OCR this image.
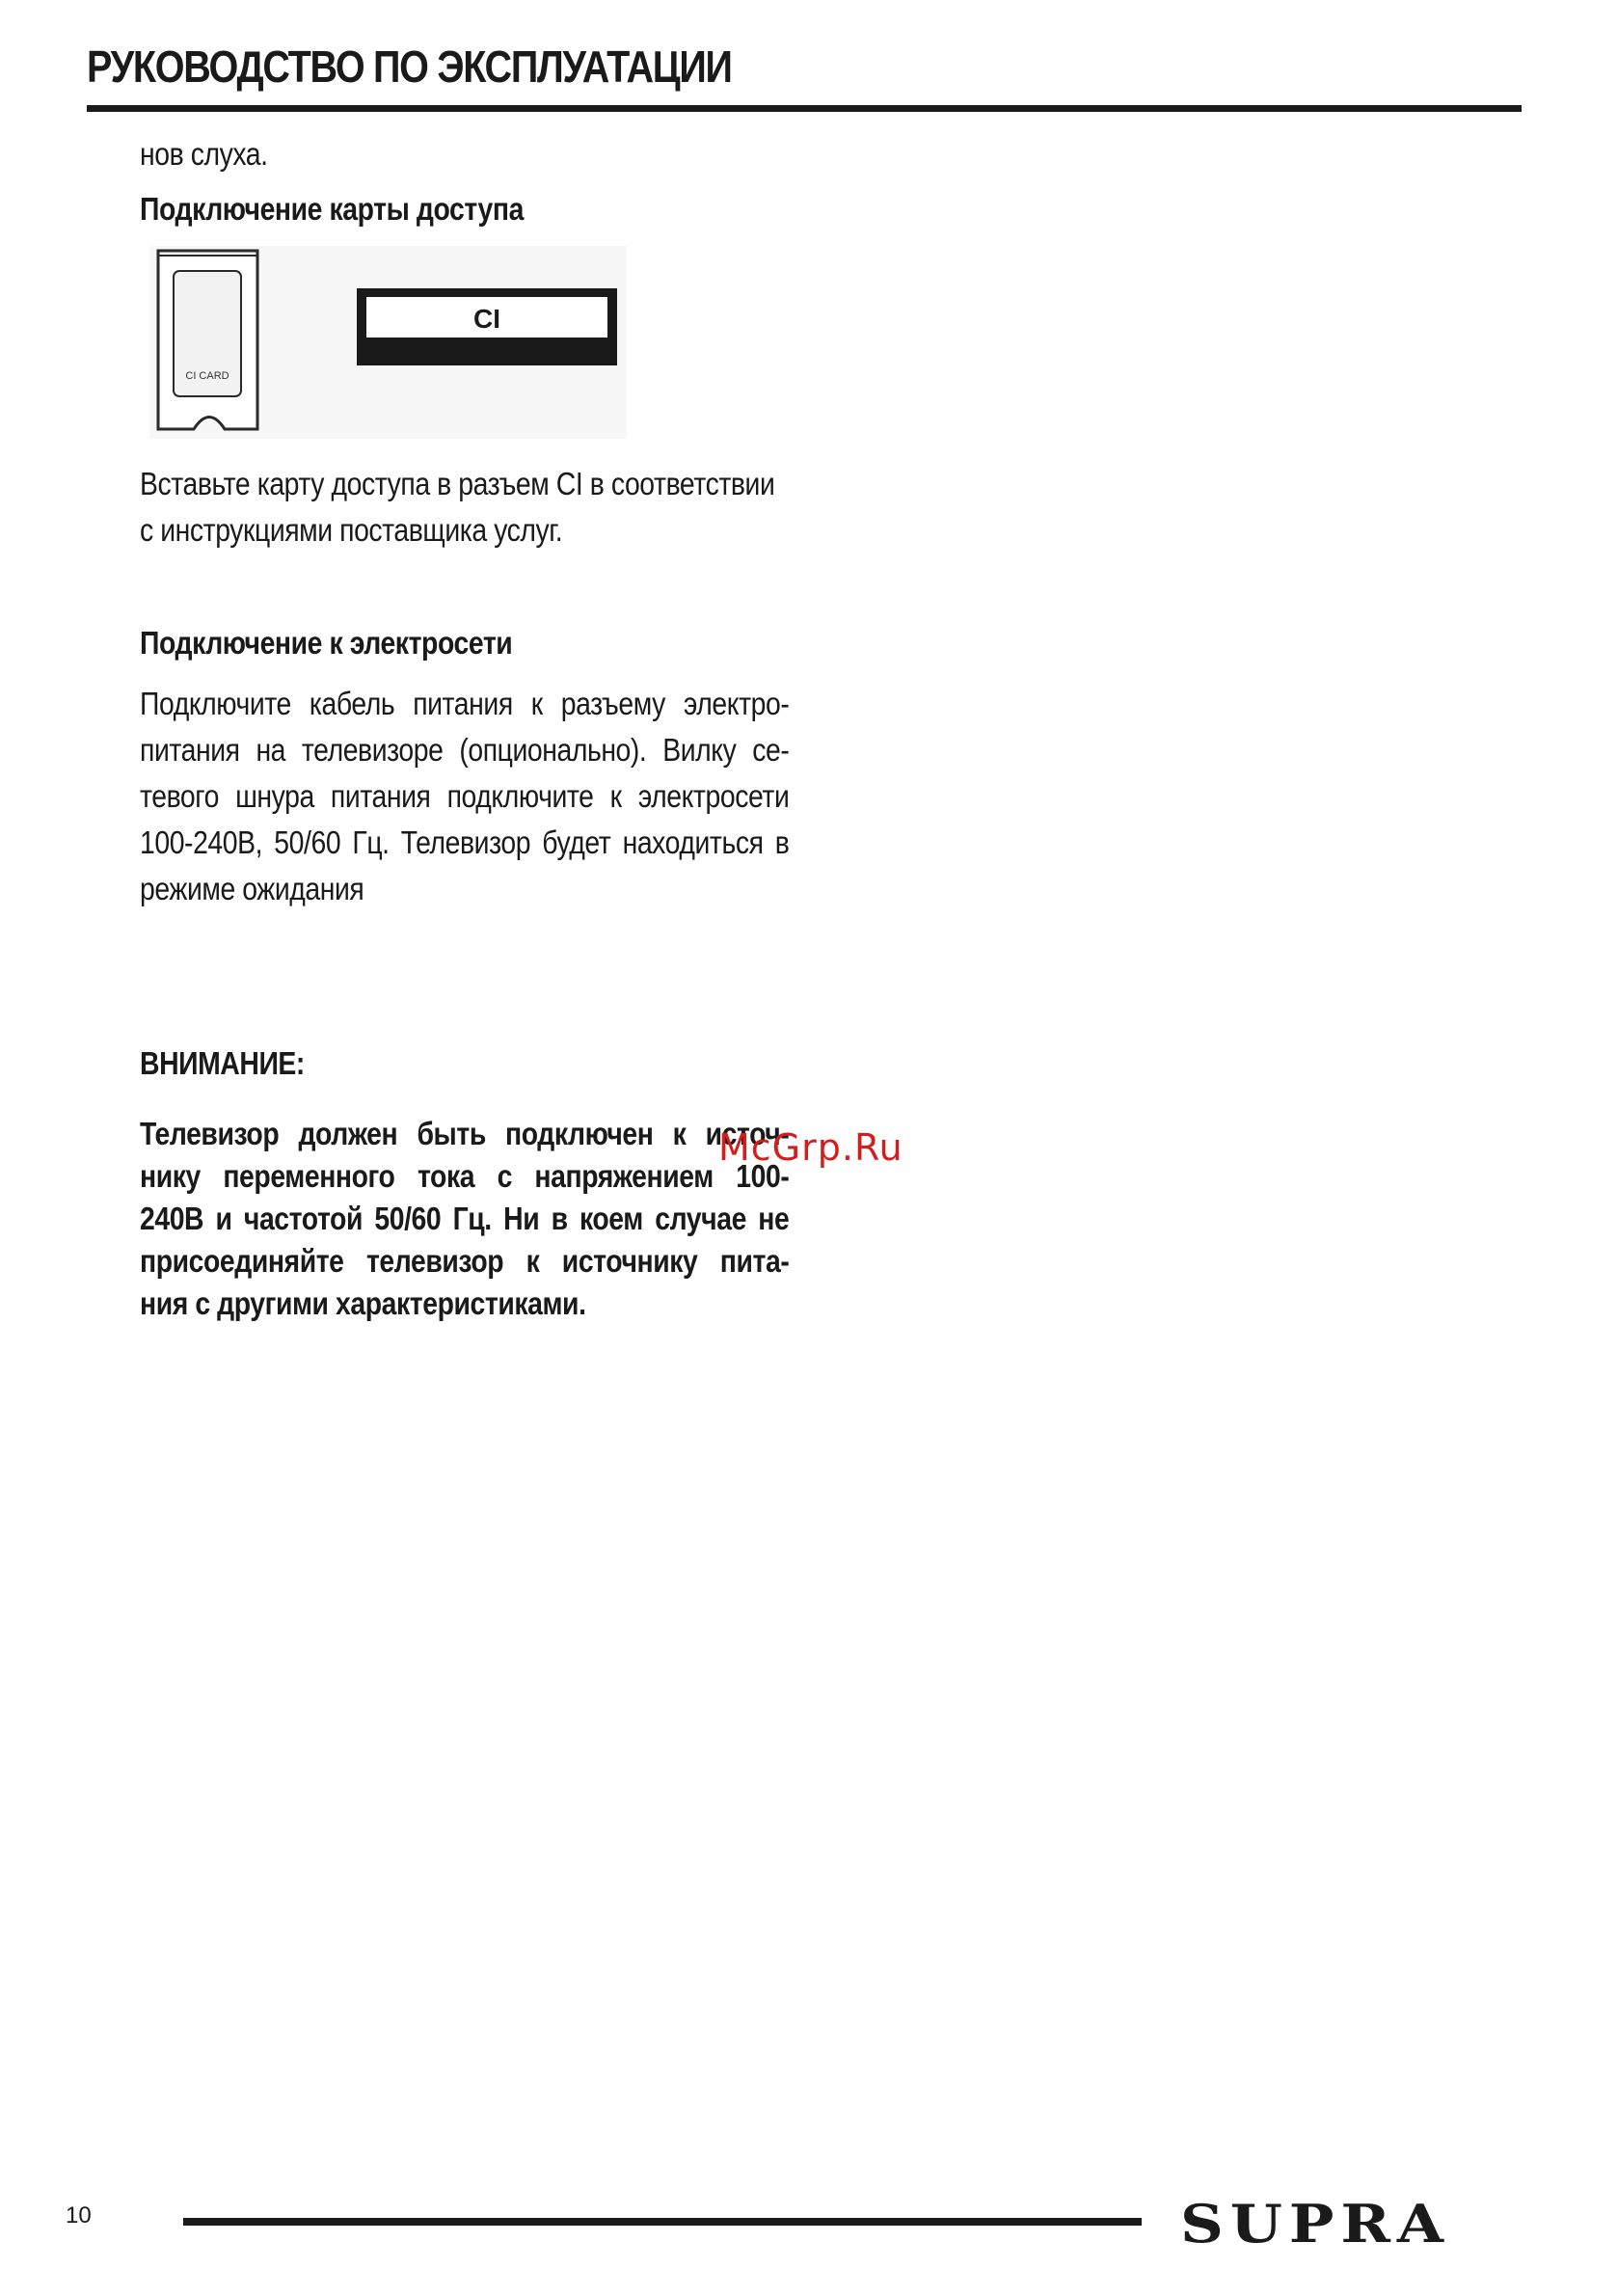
РУКОВОДСТВО ПО ЭКСПЛУАТАЦИИ
нов слуха.
Подключение карты доступа
CI CARD
CI
Вставьте карту доступа в разъем CI в соответствии
с инструкциями поставщика услуг.
Подключение к электросети
Подключите кабель питания к разъему электро-
питания на телевизоре (опционально). Вилку се-
тевого шнура питания подключите к электросети
100-240В, 50/60 Гц. Телевизор будет находиться в
режиме ожидания
ВНИМАНИЕ:
Телевизор должен быть подключен к источ-
нику переменного тока с напряжением 100-
240В и частотой 50/60 Гц. Ни в коем случае не
присоединяйте телевизор к источнику пита-
ния с другими характеристиками.
McGrp.Ru
10	SUPRA
